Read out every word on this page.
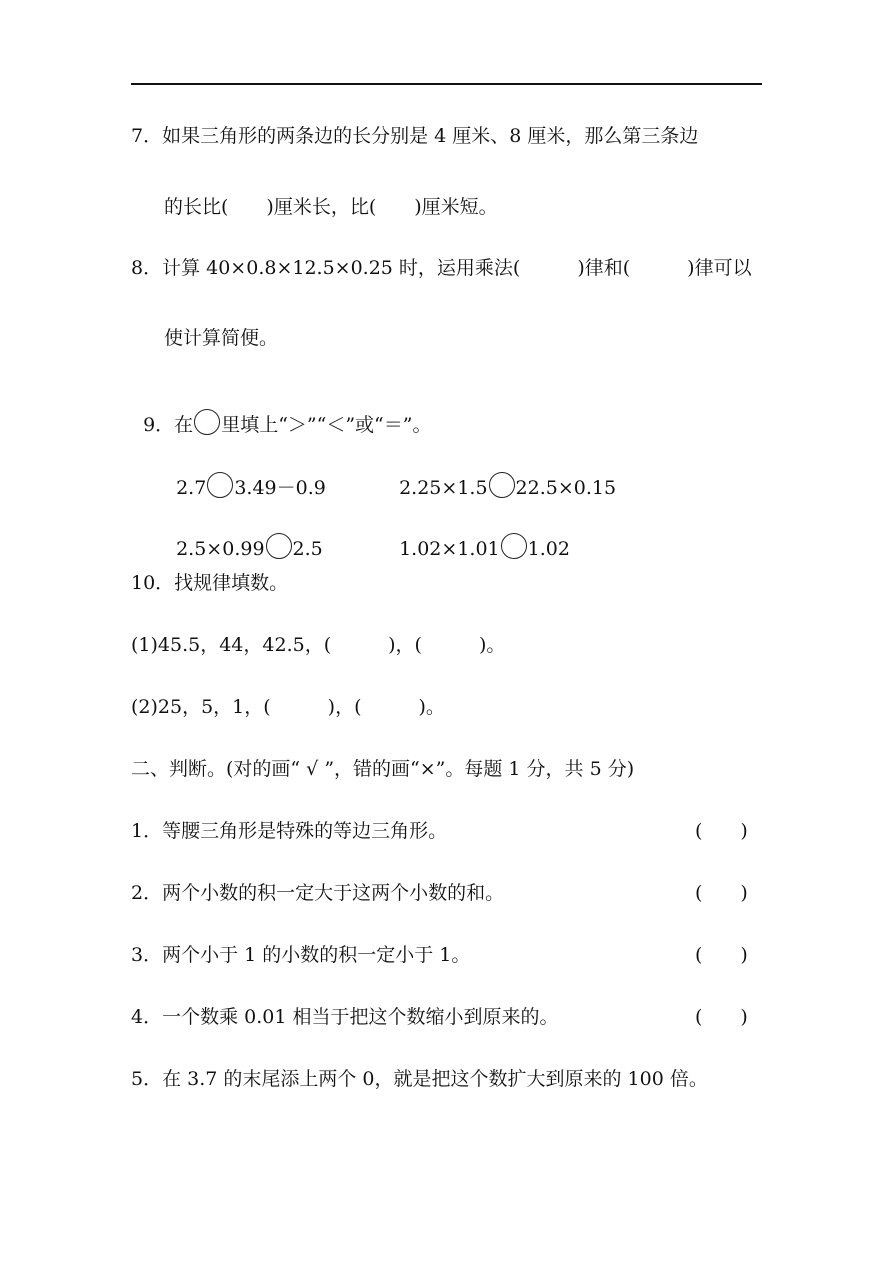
7．如果三角形的两条边的长分别是 4 厘米、8 厘米，那么第三条边
的长比(　　)厘米长，比(　　)厘米短。
8．计算 40×0.8×12.5×0.25 时，运用乘法(　　　)律和(　　　)律可以
使计算简便。

9．在 里填上“＞”“＜”或“＝”。

2.7 3.49－0.9	2.25×1.5 22.5×0.15

2.5×0.99 2.5	1.02×1.01 1.02

10．找规律填数。
(1)45.5，44，42.5，(　　　)，(　　　)。
(2)25，5，1，(　　　)，(　　　)。
二、判断。(对的画“ √ ”，错的画“×”。每题 1 分，共 5 分)
1．等腰三角形是特殊的等边三角形。	(　　)
2．两个小数的积一定大于这两个小数的和。	(　　)
3．两个小于 1 的小数的积一定小于 1。	(　　)
4．一个数乘 0.01 相当于把这个数缩小到原来的。	(　　)
5．在 3.7 的末尾添上两个 0，就是把这个数扩大到原来的 100 倍。
